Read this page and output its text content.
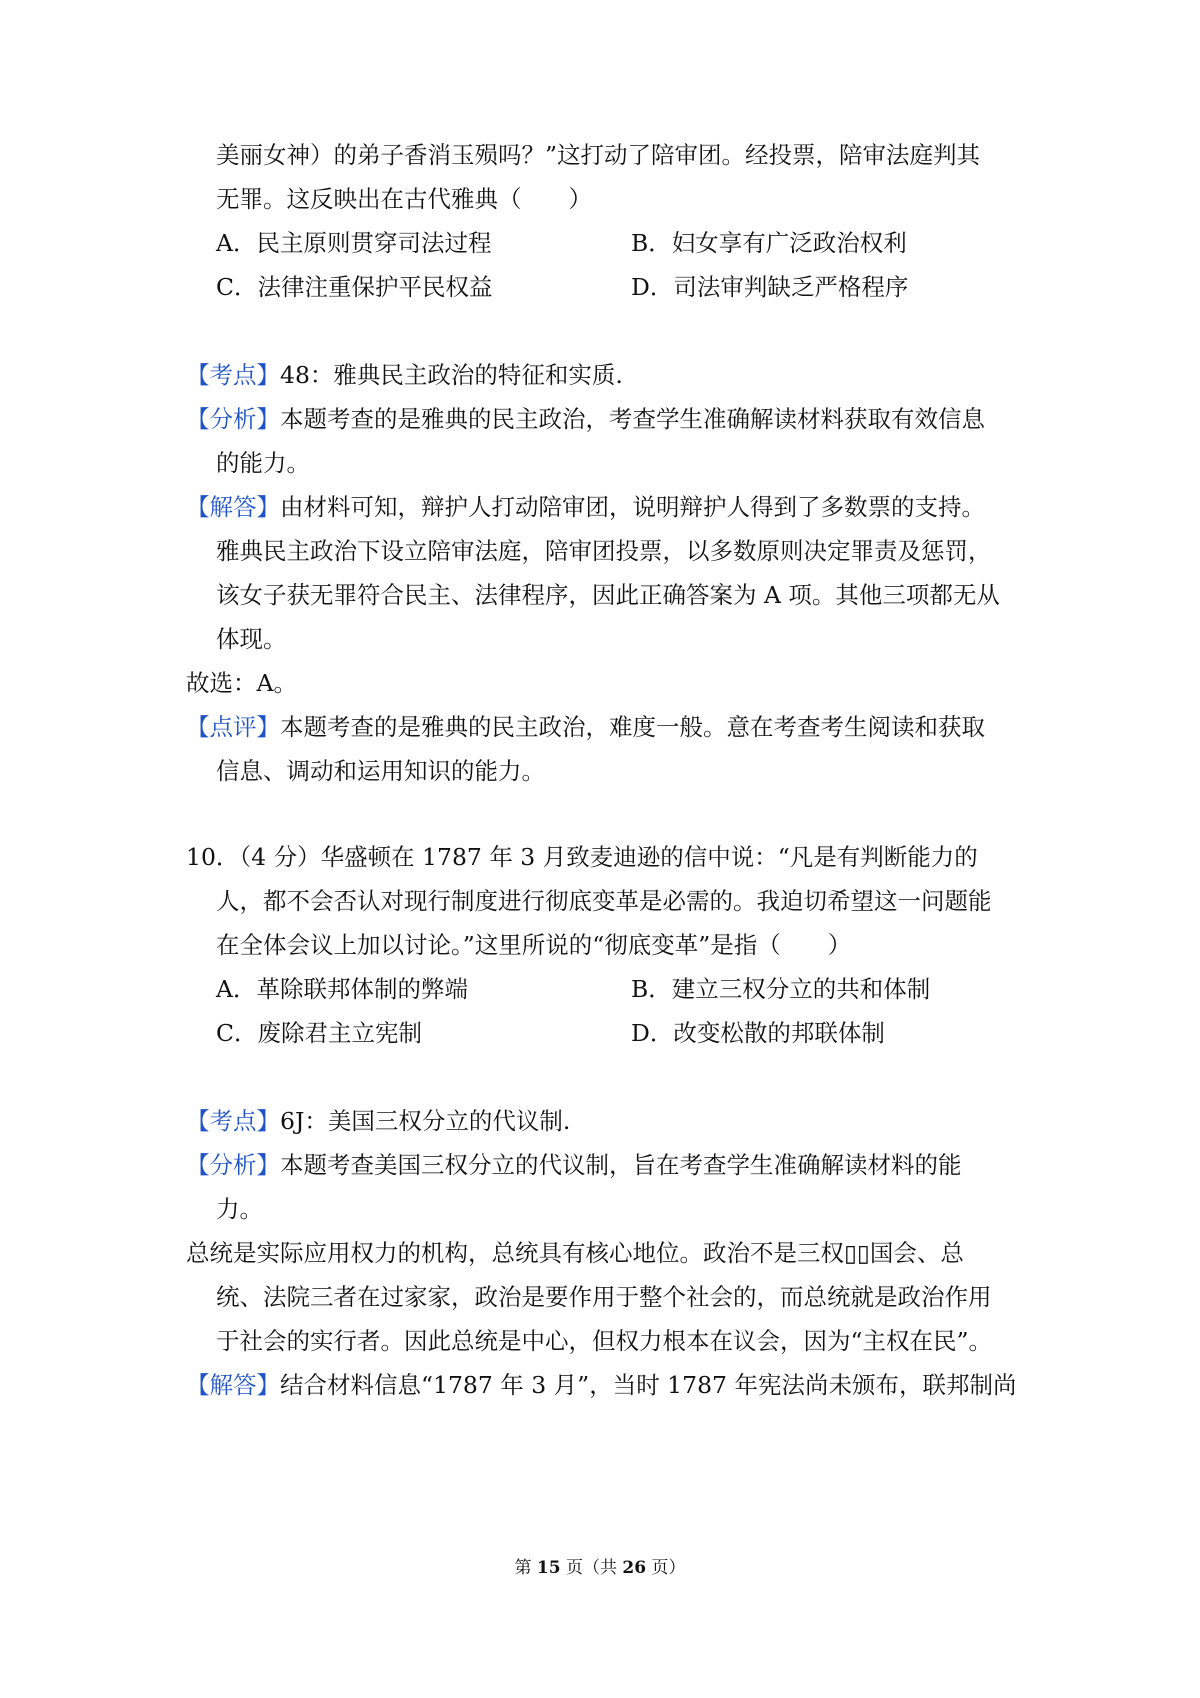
美丽女神）的弟子香消玉殒吗？”这打动了陪审团。经投票，陪审法庭判其
无罪。这反映出在古代雅典（　　）
A．民主原则贯穿司法过程	B．妇女享有广泛政治权利
C．法律注重保护平民权益	D．司法审判缺乏严格程序
【考点】48：雅典民主政治的特征和实质.
【分析】本题考查的是雅典的民主政治，考查学生准确解读材料获取有效信息
的能力。
【解答】由材料可知，辩护人打动陪审团，说明辩护人得到了多数票的支持。
雅典民主政治下设立陪审法庭，陪审团投票，以多数原则决定罪责及惩罚，
该女子获无罪符合民主、法律程序，因此正确答案为 A 项。其他三项都无从
体现。
故选：A。
【点评】本题考查的是雅典的民主政治，难度一般。意在考查考生阅读和获取
信息、调动和运用知识的能力。
10．（4 分）华盛顿在 1787 年 3 月致麦迪逊的信中说：“凡是有判断能力的
人，都不会否认对现行制度进行彻底变革是必需的。我迫切希望这一问题能
在全体会议上加以讨论。”这里所说的“彻底变革”是指（　　）
A．革除联邦体制的弊端	B．建立三权分立的共和体制
C．废除君主立宪制	D．改变松散的邦联体制
【考点】6J：美国三权分立的代议制.
【分析】本题考查美国三权分立的代议制，旨在考查学生准确解读材料的能
力。
总统是实际应用权力的机构，总统具有核心地位。政治不是三权▯▯国会、总
统、法院三者在过家家，政治是要作用于整个社会的，而总统就是政治作用
于社会的实行者。因此总统是中心，但权力根本在议会，因为“主权在民”。
【解答】结合材料信息“1787 年 3 月”，当时 1787 年宪法尚未颁布，联邦制尚
第 15 页（共 26 页）
